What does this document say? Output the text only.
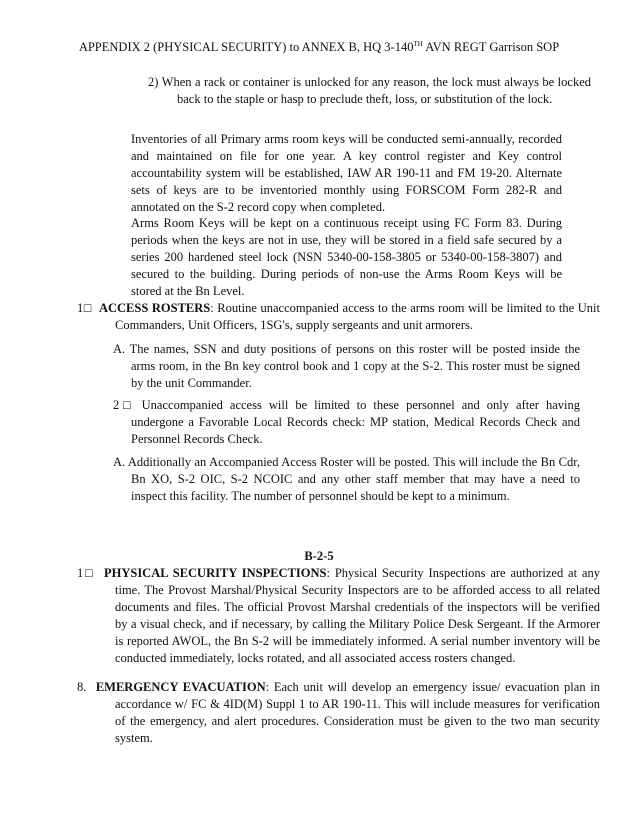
APPENDIX 2 (PHYSICAL SECURITY) to ANNEX B, HQ 3-140TH AVN REGT Garrison SOP

2) When a rack or container is unlocked for any reason, the lock must always be locked back to the staple or hasp to preclude theft, loss, or substitution of the lock.

Inventories of all Primary arms room keys will be conducted semi-annually, recorded and maintained on file for one year. A key control register and Key control accountability system will be established, IAW AR 190-11 and FM 19-20. Alternate sets of keys are to be inventoried monthly using FORSCOM Form 282-R and annotated on the S-2 record copy when completed.

Arms Room Keys will be kept on a continuous receipt using FC Form 83. During periods when the keys are not in use, they will be stored in a field safe secured by a series 200 hardened steel lock (NSN 5340-00-158-3805 or 5340-00-158-3807) and secured to the building. During periods of non-use the Arms Room Keys will be stored at the Bn Level.

1□ ACCESS ROSTERS: Routine unaccompanied access to the arms room will be limited to the Unit Commanders, Unit Officers, 1SG's, supply sergeants and unit armorers.

A. The names, SSN and duty positions of persons on this roster will be posted inside the arms room, in the Bn key control book and 1 copy at the S-2. This roster must be signed by the unit Commander.

2□ Unaccompanied access will be limited to these personnel and only after having undergone a Favorable Local Records check: MP station, Medical Records Check and Personnel Records Check.

A. Additionally an Accompanied Access Roster will be posted. This will include the Bn Cdr, Bn XO, S-2 OIC, S-2 NCOIC and any other staff member that may have a need to inspect this facility. The number of personnel should be kept to a minimum.

B-2-5

1□ PHYSICAL SECURITY INSPECTIONS: Physical Security Inspections are authorized at any time. The Provost Marshal/Physical Security Inspectors are to be afforded access to all related documents and files. The official Provost Marshal credentials of the inspectors will be verified by a visual check, and if necessary, by calling the Military Police Desk Sergeant. If the Armorer is reported AWOL, the Bn S-2 will be immediately informed. A serial number inventory will be conducted immediately, locks rotated, and all associated access rosters changed.

8. EMERGENCY EVACUATION: Each unit will develop an emergency issue/ evacuation plan in accordance w/ FC & 4ID(M) Suppl 1 to AR 190-11. This will include measures for verification of the emergency, and alert procedures. Consideration must be given to the two man security system.
